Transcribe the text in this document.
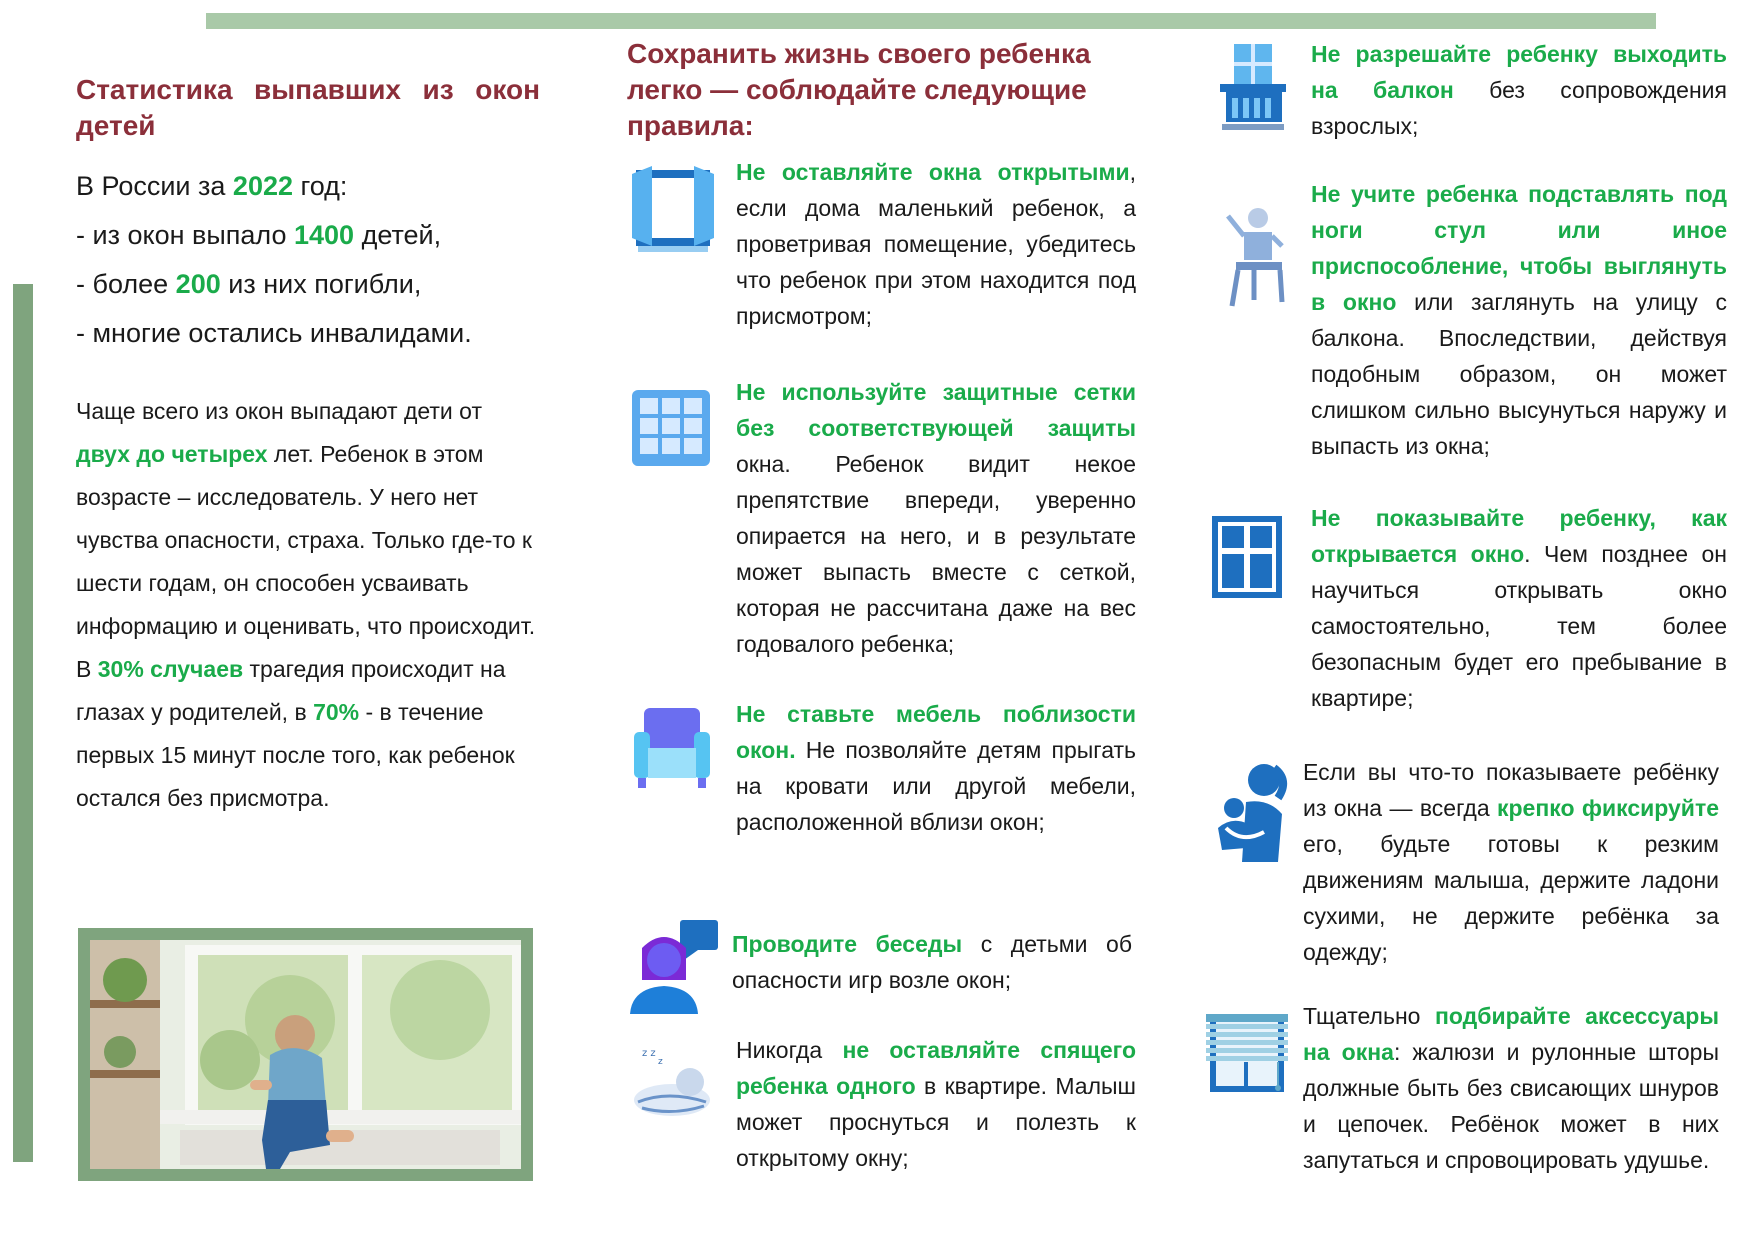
Статистика выпавших из окон детей
В России за 2022 год:
- из окон выпало 1400 детей,
- более 200 из них погибли,
- многие остались инвалидами.

Чаще всего из окон выпадают дети от двух до четырех лет. Ребенок в этом возрасте – исследователь. У него нет чувства опасности, страха. Только где-то к шести годам, он способен усваивать информацию и оценивать, что происходит.

В 30% случаев трагедия происходит на глазах у родителей, в 70% - в течение первых 15 минут после того, как ребенок остался без присмотра.

Сохранить жизнь своего ребенка легко — соблюдайте следующие правила:

Не оставляйте окна открытыми, если дома маленький ребенок, а проветривая помещение, убедитесь что ребенок при этом находится под присмотром;

Не используйте защитные сетки без соответствующей защиты окна. Ребенок видит некое препятствие впереди, уверенно опирается на него, и в результате может выпасть вместе с сеткой, которая не рассчитана даже на вес годовалого ребенка;

Не ставьте мебель поблизости окон. Не позволяйте детям прыгать на кровати или другой мебели, расположенной вблизи окон;

Проводите беседы с детьми об опасности игр возле окон;

z z
z	Никогда не оставляйте спящего ребенка одного в квартире. Малыш может проснуться и полезть к открытому окну;

Не разрешайте ребенку выходить на балкон без сопровождения взрослых;

Не учите ребенка подставлять под ноги стул или иное приспособление, чтобы выглянуть в окно или заглянуть на улицу с балкона. Впоследствии, действуя подобным образом, он может слишком сильно высунуться наружу и выпасть из окна;

Не показывайте ребенку, как открывается окно. Чем позднее он научиться открывать окно самостоятельно, тем более безопасным будет его пребывание в квартире;

Если вы что-то показываете ребёнку из окна — всегда крепко фиксируйте его, будьте готовы к резким движениям малыша, держите ладони сухими, не держите ребёнка за одежду;

Тщательно подбирайте аксессуары на окна: жалюзи и рулонные шторы должные быть без свисающих шнуров и цепочек. Ребёнок может в них запутаться и спровоцировать удушье.
